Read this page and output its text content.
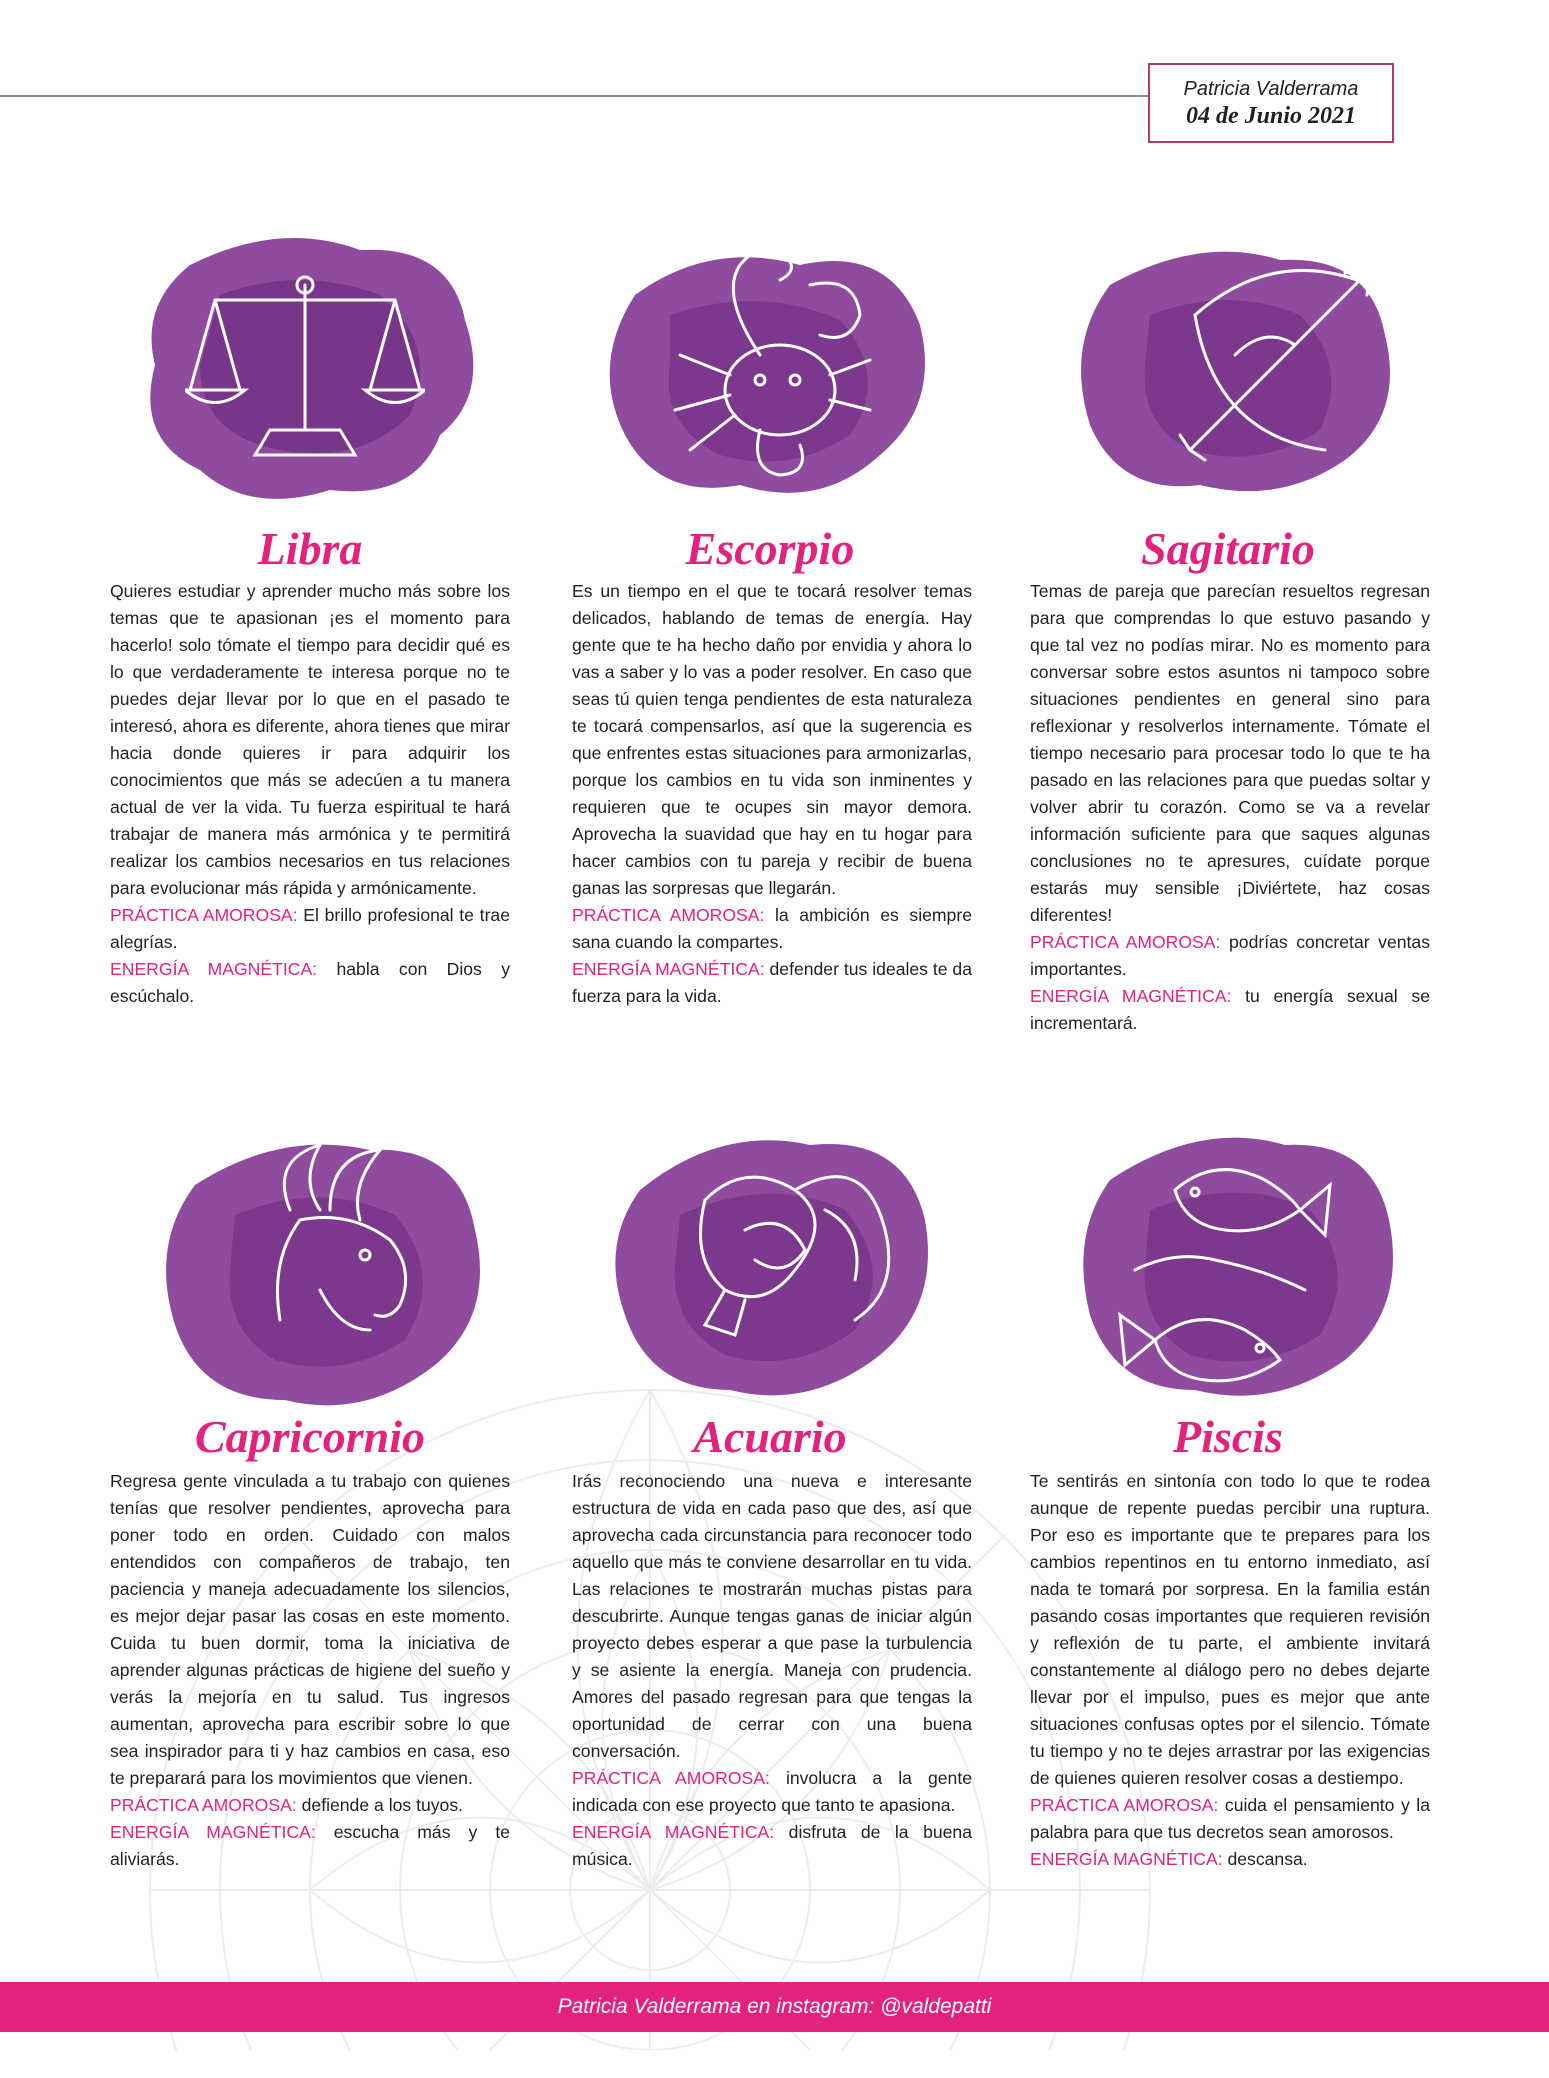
Patricia Valderrama
04 de Junio 2021
Libra

Quieres estudiar y aprender mucho más sobre los temas que te apasionan ¡es el momento para hacerlo! solo tómate el tiempo para decidir qué es lo que verdaderamente te interesa porque no te puedes dejar llevar por lo que en el pasado te interesó, ahora es diferente, ahora tienes que mirar hacia donde quieres ir para adquirir los conocimientos que más se adecúen a tu manera actual de ver la vida. Tu fuerza espiritual te hará trabajar de manera más armónica y te permitirá realizar los cambios necesarios en tus relaciones para evolucionar más rápida y armónicamente.

PRÁCTICA AMOROSA: El brillo profesional te trae alegrías.

ENERGÍA MAGNÉTICA: habla con Dios y escúchalo.

Escorpio

Es un tiempo en el que te tocará resolver temas delicados, hablando de temas de energía. Hay gente que te ha hecho daño por envidia y ahora lo vas a saber y lo vas a poder resolver. En caso que seas tú quien tenga pendientes de esta naturaleza te tocará compensarlos, así que la sugerencia es que enfrentes estas situaciones para armonizarlas, porque los cambios en tu vida son inminentes y requieren que te ocupes sin mayor demora. Aprovecha la suavidad que hay en tu hogar para hacer cambios con tu pareja y recibir de buena ganas las sorpresas que llegarán.

PRÁCTICA AMOROSA: la ambición es siempre sana cuando la compartes.

ENERGÍA MAGNÉTICA: defender tus ideales te da fuerza para la vida.

Sagitario

Temas de pareja que parecían resueltos regresan para que comprendas lo que estuvo pasando y que tal vez no podías mirar. No es momento para conversar sobre estos asuntos ni tampoco sobre situaciones pendientes en general sino para reflexionar y resolverlos internamente. Tómate el tiempo necesario para procesar todo lo que te ha pasado en las relaciones para que puedas soltar y volver abrir tu corazón. Como se va a revelar información suficiente para que saques algunas conclusiones no te apresures, cuídate porque estarás muy sensible ¡Diviértete, haz cosas diferentes!

PRÁCTICA AMOROSA: podrías concretar ventas importantes.

ENERGÍA MAGNÉTICA: tu energía sexual se incrementará.

Capricornio

Regresa gente vinculada a tu trabajo con quienes tenías que resolver pendientes, aprovecha para poner todo en orden. Cuidado con malos entendidos con compañeros de trabajo, ten paciencia y maneja adecuadamente los silencios, es mejor dejar pasar las cosas en este momento. Cuida tu buen dormir, toma la iniciativa de aprender algunas prácticas de higiene del sueño y verás la mejoría en tu salud. Tus ingresos aumentan, aprovecha para escribir sobre lo que sea inspirador para ti y haz cambios en casa, eso te preparará para los movimientos que vienen.

PRÁCTICA AMOROSA: defiende a los tuyos.

ENERGÍA MAGNÉTICA: escucha más y te aliviarás.

Acuario

Irás reconociendo una nueva e interesante estructura de vida en cada paso que des, así que aprovecha cada circunstancia para reconocer todo aquello que más te conviene desarrollar en tu vida. Las relaciones te mostrarán muchas pistas para descubrirte. Aunque tengas ganas de iniciar algún proyecto debes esperar a que pase la turbulencia y se asiente la energía. Maneja con prudencia. Amores del pasado regresan para que tengas la oportunidad de cerrar con una buena conversación.

PRÁCTICA AMOROSA: involucra a la gente indicada con ese proyecto que tanto te apasiona.

ENERGÍA MAGNÉTICA: disfruta de la buena música.

Piscis

Te sentirás en sintonía con todo lo que te rodea aunque de repente puedas percibir una ruptura. Por eso es importante que te prepares para los cambios repentinos en tu entorno inmediato, así nada te tomará por sorpresa. En la familia están pasando cosas importantes que requieren revisión y reflexión de tu parte, el ambiente invitará constantemente al diálogo pero no debes dejarte llevar por el impulso, pues es mejor que ante situaciones confusas optes por el silencio. Tómate tu tiempo y no te dejes arrastrar por las exigencias de quienes quieren resolver cosas a destiempo.

PRÁCTICA AMOROSA: cuida el pensamiento y la palabra para que tus decretos sean amorosos.

ENERGÍA MAGNÉTICA: descansa.

Patricia Valderrama en instagram: @valdepatti
